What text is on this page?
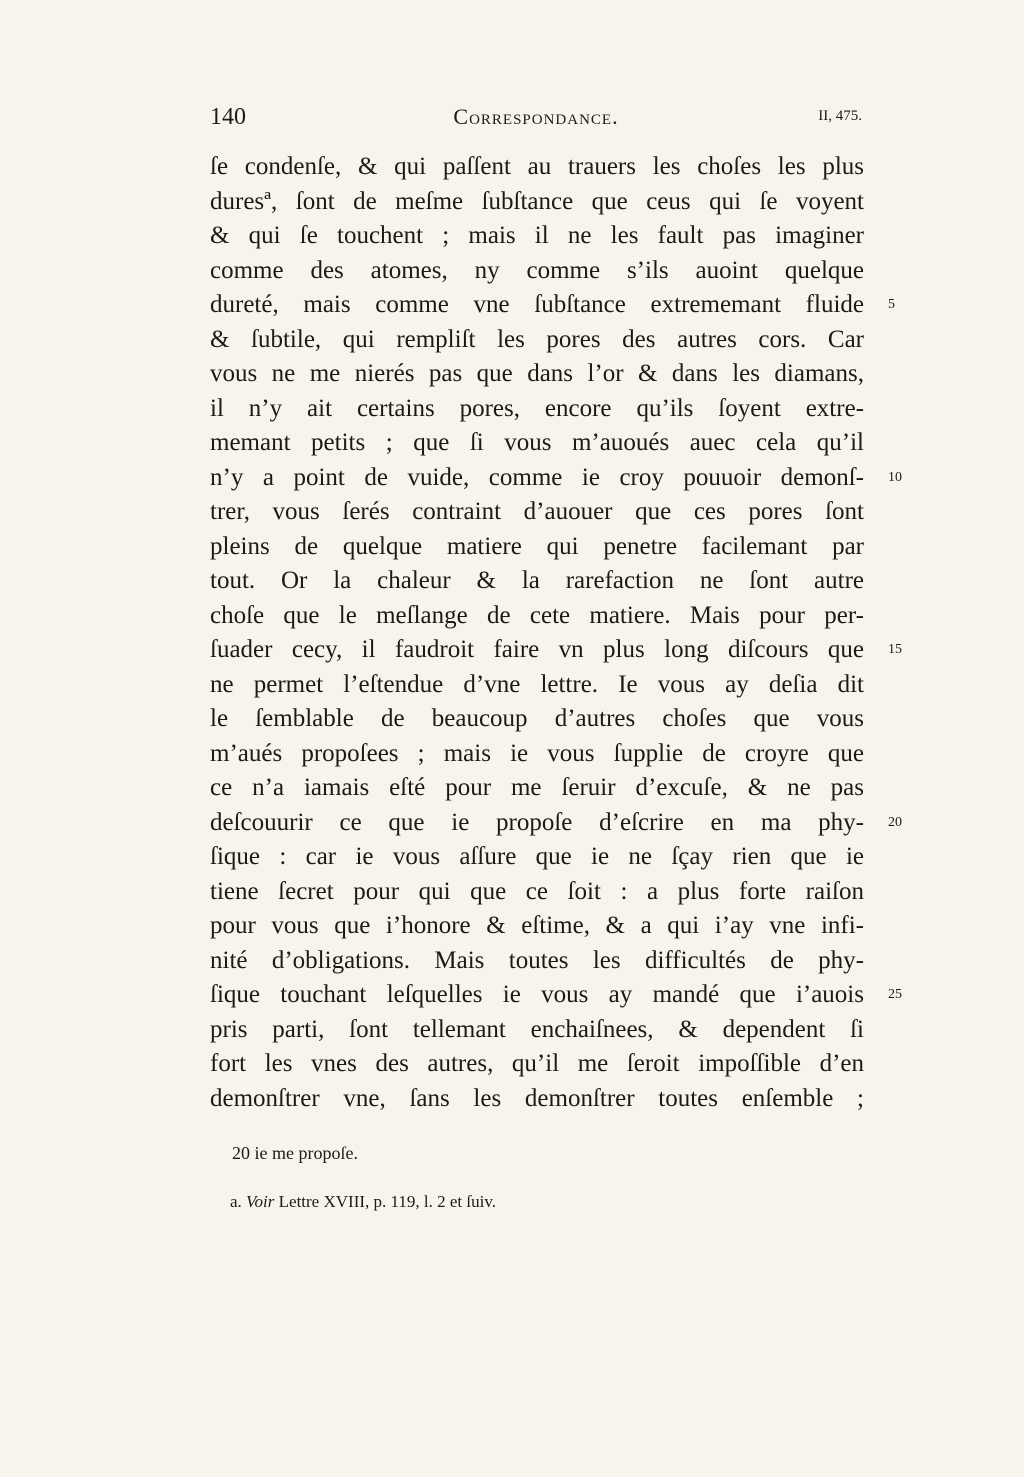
140	Correspondance.	II, 475.
ſe condenſe, & qui paſſent au trauers les choſes les plus
duresª, ſont de meſme ſubſtance que ceus qui ſe voyent
& qui ſe touchent ; mais il ne les fault pas imaginer
comme des atomes, ny comme s’ils auoint quelque
dureté, mais comme vne ſubſtance extrememant fluide 5
& ſubtile, qui rempliſt les pores des autres cors. Car
vous ne me nierés pas que dans l’or & dans les diamans,
il n’y ait certains pores, encore qu’ils ſoyent extre-
memant petits ; que ſi vous m’auoués auec cela qu’il
n’y a point de vuide, comme ie croy pouuoir demonſ- 10
trer, vous ſerés contraint d’auouer que ces pores ſont
pleins de quelque matiere qui penetre facilemant par
tout. Or la chaleur & la rarefaction ne ſont autre
choſe que le meſlange de cete matiere. Mais pour per-
ſuader cecy, il faudroit faire vn plus long diſcours que 15
ne permet l’eſtendue d’vne lettre. Ie vous ay deſia dit
le ſemblable de beaucoup d’autres choſes que vous
m’aués propoſees ; mais ie vous ſupplie de croyre que
ce n’a iamais eſté pour me ſeruir d’excuſe, & ne pas
deſcouurir ce que ie propoſe d’eſcrire en ma phy- 20
ſique : car ie vous aſſure que ie ne ſçay rien que ie
tiene ſecret pour qui que ce ſoit : a plus forte raiſon
pour vous que i’honore & eſtime, & a qui i’ay vne infi-
nité d’obligations. Mais toutes les difficultés de phy-
ſique touchant leſquelles ie vous ay mandé que i’auois 25
pris parti, ſont tellemant enchaiſnees, & dependent ſi
fort les vnes des autres, qu’il me ſeroit impoſſible d’en
demonſtrer vne, ſans les demonſtrer toutes enſemble ;
20 ie me propoſe.
a. Voir Lettre XVIII, p. 119, l. 2 et ſuiv.
